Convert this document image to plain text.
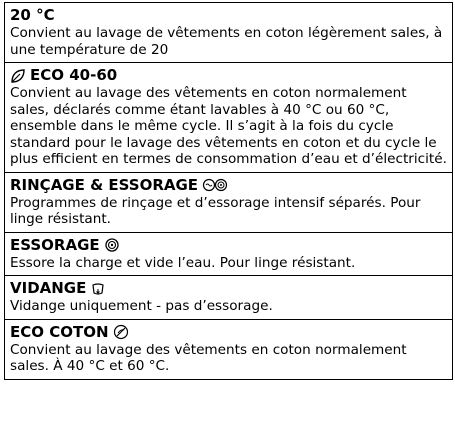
20 °C
Convient au lavage de vêtements en coton légèrement sales, à une température de 20
ECO 40-60
Convient au lavage des vêtements en coton normalement sales, déclarés comme étant lavables à 40 °C ou 60 °C, ensemble dans le même cycle. Il s’agit à la fois du cycle standard pour le lavage des vêtements en coton et du cycle le plus efficient en termes de consommation d’eau et d’électricité.
RINÇAGE & ESSORAGE
Programmes de rinçage et d’essorage intensif séparés. Pour linge résistant.
ESSORAGE
Essore la charge et vide l’eau. Pour linge résistant.
VIDANGE
Vidange uniquement - pas d’essorage.
ECO COTON
Convient au lavage des vêtements en coton normalement sales. À 40 °C et 60 °C.
